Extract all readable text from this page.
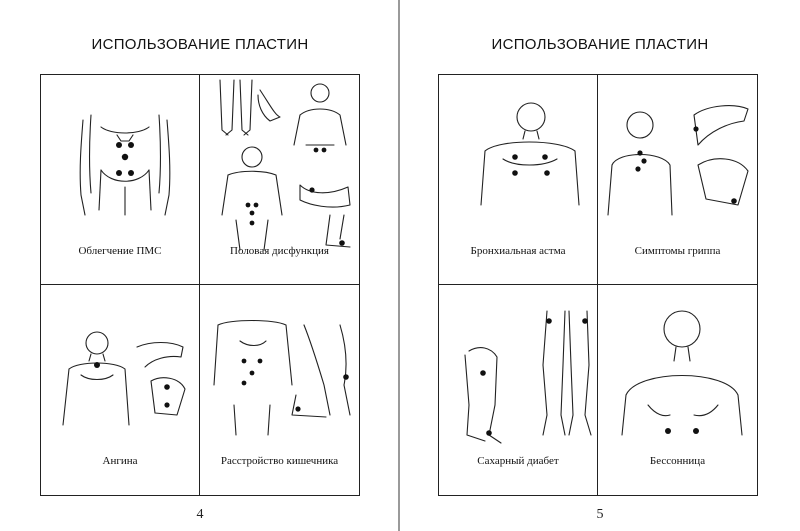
ИСПОЛЬЗОВАНИЕ ПЛАСТИН
Облегчение ПМС	Половая дисфункция
Ангина	Расстройство кишечника
4
ИСПОЛЬЗОВАНИЕ ПЛАСТИН
Бронхиальная астма	Симптомы гриппа
Сахарный диабет	Бессонница
5
